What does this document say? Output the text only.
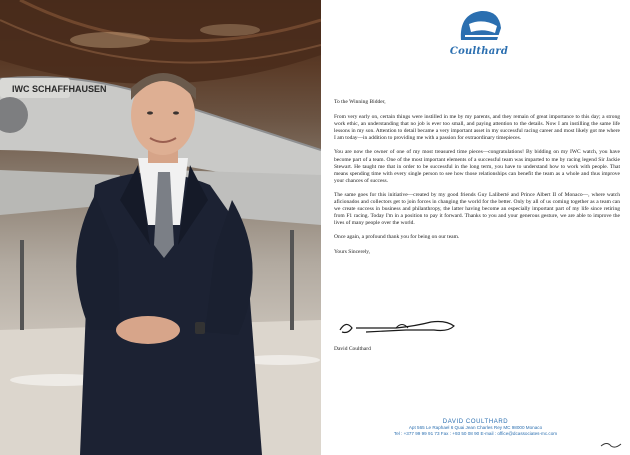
IWC SCHAFFHAUSEN
Coulthard

To the Winning Bidder,

From very early on, certain things were instilled in me by my parents, and they remain of great importance to this day; a strong work ethic, an understanding that no job is ever too small, and paying attention to the details. Now I am instilling the same life lessons in my son. Attention to detail became a very important asset in my successful racing career and most likely got me where I am today—in addition to providing me with a passion for extraordinary timepieces.

You are now the owner of one of my most treasured time pieces—congratulations! By bidding on my IWC watch, you have become part of a team. One of the most important elements of a successful team was imparted to me by racing legend Sir Jackie Stewart. He taught me that in order to be successful in the long term, you have to understand how to work with people. That means spending time with every single person to see how those relationships can benefit the team as a whole and thus improve your chances of success.

The same goes for this initiative—created by my good friends Guy Laliberté and Prince Albert II of Monaco—, where watch aficionados and collectors get to join forces in changing the world for the better. Only by all of us coming together as a team can we create success in business and philanthropy, the latter having become an especially important part of my life since retiring from F1 racing. Today I'm in a position to pay it forward. Thanks to you and your generous gesture, we are able to improve the lives of many people over the world.

Once again, a profound thank you for being on our team.

Yours Sincerely,

David Coulthard
DAVID COULTHARD
Apt 565 Le Raphael 6 Quai Jean Charles Rey MC 98000 Monaco
Tel : +377 99 99 91 73 Fax : +93 50 08 90 E-mail : office@dcassociates-mc.com
